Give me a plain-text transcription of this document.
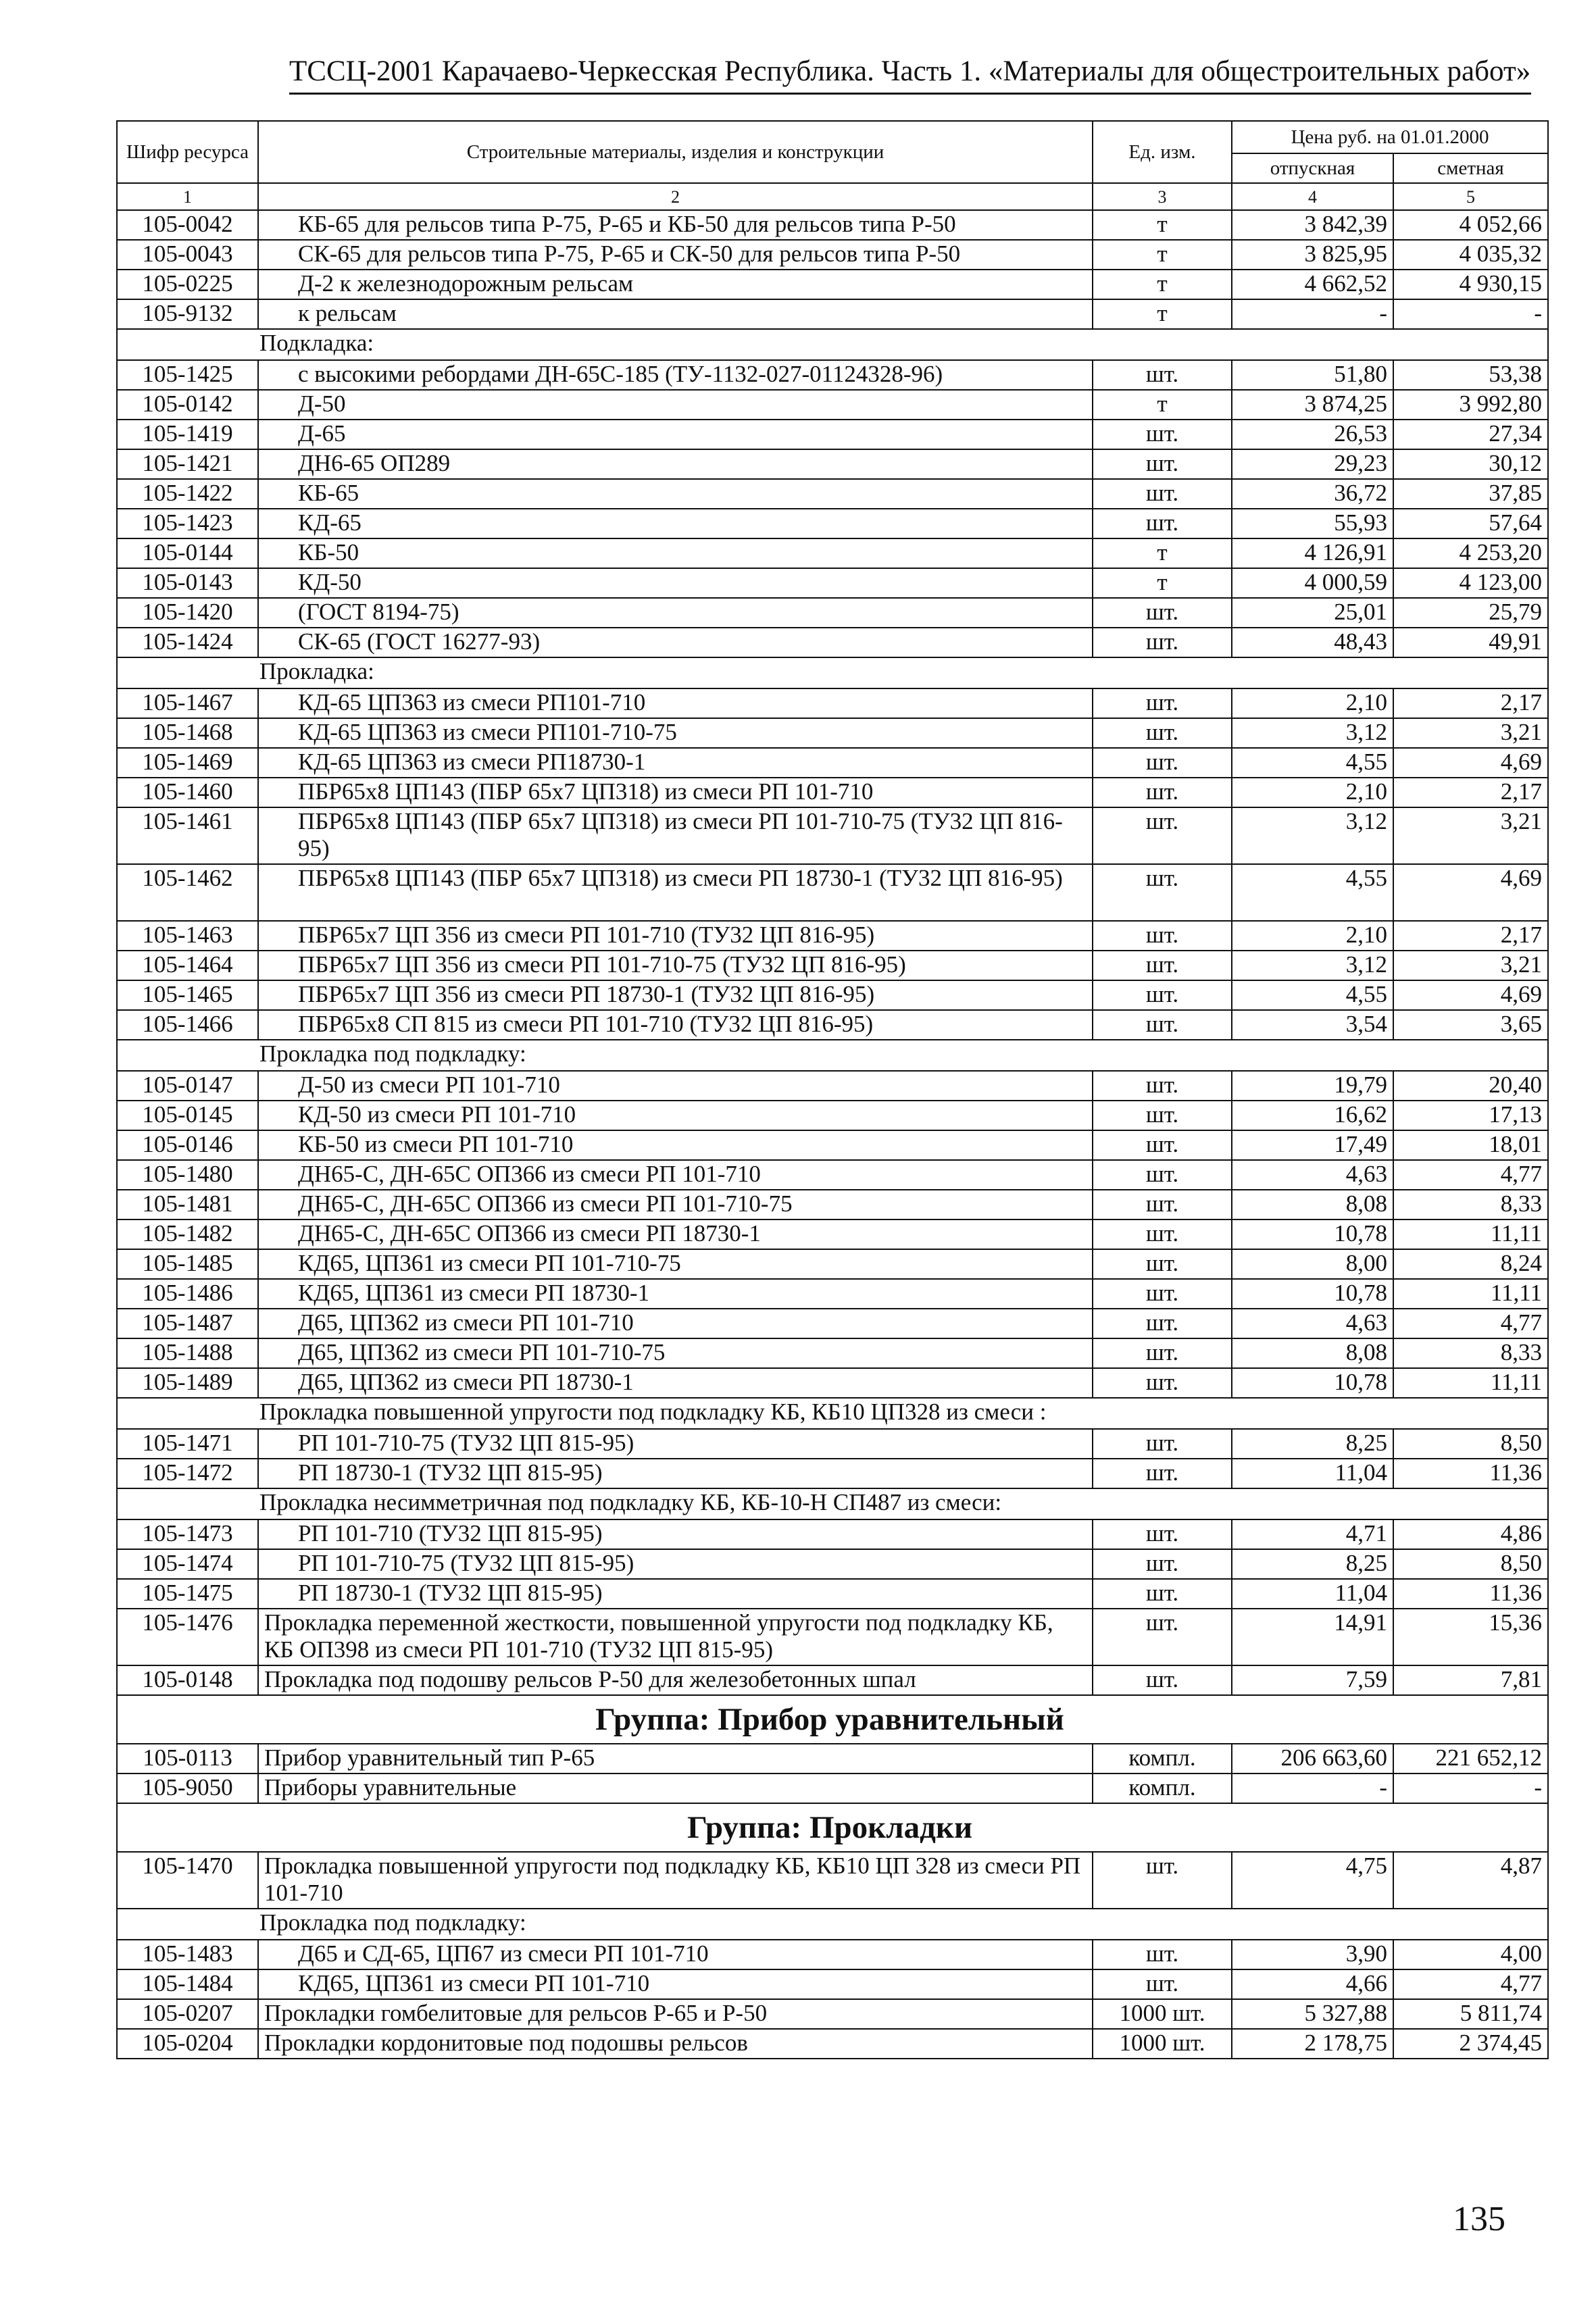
ТССЦ-2001 Карачаево-Черкесская Республика. Часть 1. «Материалы для общестроительных работ»
Шифр ресурса	Строительные материалы, изделия и конструкции	Ед. изм.	Цена руб. на 01.01.2000	
			отпускная	сметная
1	2	3	4	5
105-0042	КБ-65 для рельсов типа Р-75, Р-65 и КБ-50 для рельсов типа Р-50	т	3 842,39	4 052,66
105-0043	СК-65 для рельсов типа Р-75, Р-65 и СК-50 для рельсов типа Р-50	т	3 825,95	4 035,32
105-0225	Д-2 к железнодорожным рельсам	т	4 662,52	4 930,15
105-9132	к рельсам	т	-	-
Подкладка:				
105-1425	с высокими ребордами ДН-65С-185 (ТУ-1132-027-01124328-96)	шт.	51,80	53,38
105-0142	Д-50	т	3 874,25	3 992,80
105-1419	Д-65	шт.	26,53	27,34
105-1421	ДН6-65 ОП289	шт.	29,23	30,12
105-1422	КБ-65	шт.	36,72	37,85
105-1423	КД-65	шт.	55,93	57,64
105-0144	КБ-50	т	4 126,91	4 253,20
105-0143	КД-50	т	4 000,59	4 123,00
105-1420	(ГОСТ 8194-75)	шт.	25,01	25,79
105-1424	СК-65 (ГОСТ 16277-93)	шт.	48,43	49,91
Прокладка:				
105-1467	КД-65 ЦП363 из смеси РП101-710	шт.	2,10	2,17
105-1468	КД-65 ЦП363 из смеси РП101-710-75	шт.	3,12	3,21
105-1469	КД-65 ЦП363 из смеси РП18730-1	шт.	4,55	4,69
105-1460	ПБР65х8 ЦП143 (ПБР 65х7 ЦП318) из смеси РП 101-710	шт.	2,10	2,17
105-1461	ПБР65х8 ЦП143 (ПБР 65х7 ЦП318) из смеси РП 101-710-75 (ТУ32 ЦП 816-95)	шт.	3,12	3,21
105-1462	ПБР65х8 ЦП143 (ПБР 65х7 ЦП318) из смеси РП 18730-1 (ТУ32 ЦП 816-95)	шт.	4,55	4,69
105-1463	ПБР65х7 ЦП 356 из смеси РП 101-710 (ТУ32 ЦП 816-95)	шт.	2,10	2,17
105-1464	ПБР65х7 ЦП 356 из смеси РП 101-710-75 (ТУ32 ЦП 816-95)	шт.	3,12	3,21
105-1465	ПБР65х7 ЦП 356 из смеси РП 18730-1 (ТУ32 ЦП 816-95)	шт.	4,55	4,69
105-1466	ПБР65х8 СП 815 из смеси РП 101-710 (ТУ32 ЦП 816-95)	шт.	3,54	3,65
Прокладка под подкладку:				
105-0147	Д-50 из смеси РП 101-710	шт.	19,79	20,40
105-0145	КД-50 из смеси РП 101-710	шт.	16,62	17,13
105-0146	КБ-50 из смеси РП 101-710	шт.	17,49	18,01
105-1480	ДН65-С, ДН-65С ОП366 из смеси РП 101-710	шт.	4,63	4,77
105-1481	ДН65-С, ДН-65С ОП366 из смеси РП 101-710-75	шт.	8,08	8,33
105-1482	ДН65-С, ДН-65С ОП366 из смеси РП 18730-1	шт.	10,78	11,11
105-1485	КД65, ЦП361 из смеси РП 101-710-75	шт.	8,00	8,24
105-1486	КД65, ЦП361 из смеси РП 18730-1	шт.	10,78	11,11
105-1487	Д65, ЦП362 из смеси РП 101-710	шт.	4,63	4,77
105-1488	Д65, ЦП362 из смеси РП 101-710-75	шт.	8,08	8,33
105-1489	Д65, ЦП362 из смеси РП 18730-1	шт.	10,78	11,11
Прокладка повышенной упругости под подкладку КБ, КБ10 ЦП328 из смеси :				
105-1471	РП 101-710-75 (ТУ32 ЦП 815-95)	шт.	8,25	8,50
105-1472	РП 18730-1 (ТУ32 ЦП 815-95)	шт.	11,04	11,36
Прокладка несимметричная под подкладку КБ, КБ-10-Н СП487 из смеси:				
105-1473	РП 101-710 (ТУ32 ЦП 815-95)	шт.	4,71	4,86
105-1474	РП 101-710-75 (ТУ32 ЦП 815-95)	шт.	8,25	8,50
105-1475	РП 18730-1 (ТУ32 ЦП 815-95)	шт.	11,04	11,36
105-1476	Прокладка переменной жесткости, повышенной упругости под подкладку КБ, КБ ОП398 из смеси РП 101-710 (ТУ32 ЦП 815-95)	шт.	14,91	15,36
105-0148	Прокладка под подошву рельсов Р-50 для железобетонных шпал	шт.	7,59	7,81
Группа: Прибор уравнительный				
105-0113	Прибор уравнительный тип Р-65	компл.	206 663,60	221 652,12
105-9050	Приборы уравнительные	компл.	-	-
Группа: Прокладки				
105-1470	Прокладка повышенной упругости под подкладку КБ, КБ10 ЦП 328 из смеси РП 101-710	шт.	4,75	4,87
Прокладка под подкладку:				
105-1483	Д65 и СД-65, ЦП67 из смеси РП 101-710	шт.	3,90	4,00
105-1484	КД65, ЦП361 из смеси РП 101-710	шт.	4,66	4,77
105-0207	Прокладки гомбелитовые для рельсов Р-65 и Р-50	1000 шт.	5 327,88	5 811,74
105-0204	Прокладки кордонитовые под подошвы рельсов	1000 шт.	2 178,75	2 374,45
135
